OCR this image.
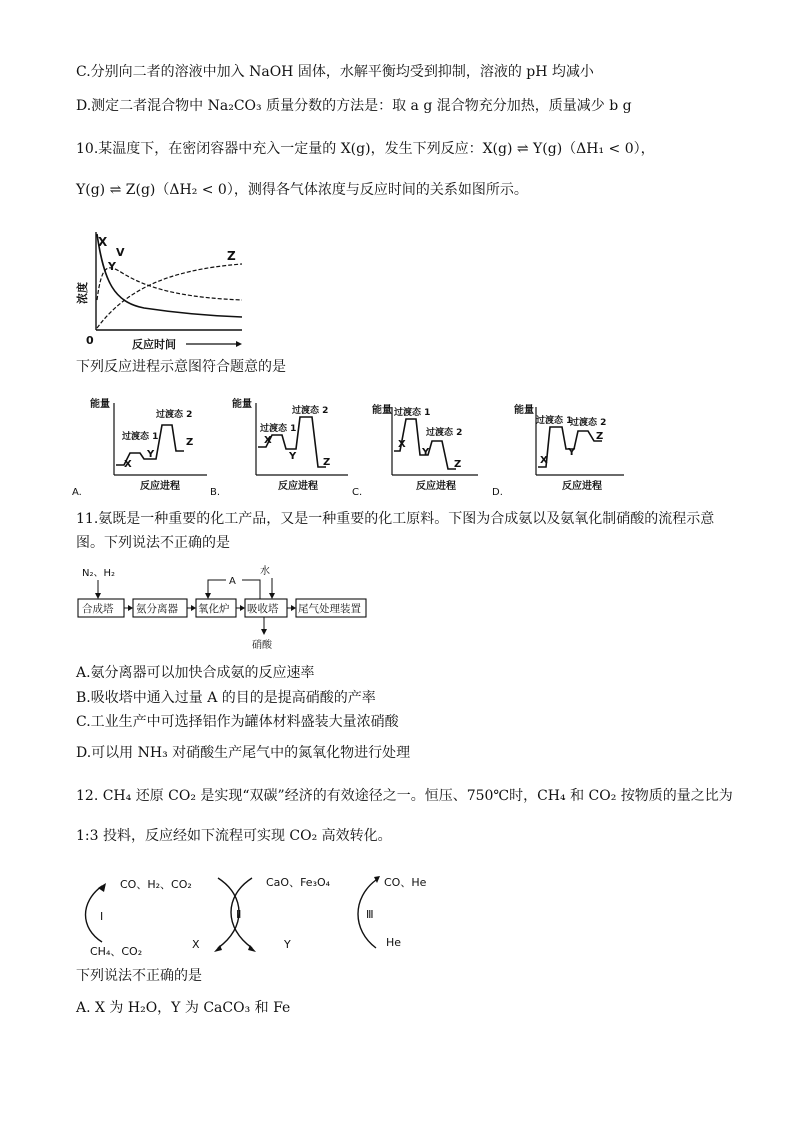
C.分别向二者的溶液中加入 NaOH 固体，水解平衡均受到抑制，溶液的 pH 均减小
D.测定二者混合物中 Na₂CO₃ 质量分数的方法是：取 a g 混合物充分加热，质量减少 b g
10.某温度下，在密闭容器中充入一定量的 X(g)，发生下列反应：X(g) ⇌ Y(g)（ΔH₁ < 0），
Y(g) ⇌ Z(g)（ΔH₂ < 0），测得各气体浓度与反应时间的关系如图所示。
X
Y
V	Z
0
浓度
反应时间
下列反应进程示意图符合题意的是
能量
过渡态 1
过渡态 2
X
Y
Z
反应进程
A.
能量
过渡态 1
过渡态 2
X
Y
Z
反应进程
B.
能量 过渡态 1
过渡态 2
X
Y
Z
反应进程
C.
能量
过渡态 1
过渡态 2
X
Y
Z
反应进程
D.
11.氨既是一种重要的化工产品，又是一种重要的化工原料。下图为合成氨以及氨氧化制硝酸的流程示意
图。下列说法不正确的是
N₂、H₂
合成塔 氨分离器 氧化炉 吸收塔 尾气处理装置
A
水
硝酸
A.氨分离器可以加快合成氨的反应速率
B.吸收塔中通入过量 A 的目的是提高硝酸的产率
C.工业生产中可选择铝作为罐体材料盛装大量浓硝酸
D.可以用 NH₃ 对硝酸生产尾气中的氮氧化物进行处理
12. CH₄ 还原 CO₂ 是实现“双碳”经济的有效途径之一。恒压、750℃时，CH₄ 和 CO₂ 按物质的量之比为
1:3 投料，反应经如下流程可实现 CO₂ 高效转化。
Ⅰ
CO、H₂、CO₂
CH₄、CO₂
Ⅱ
X
CaO、Fe₃O₄
Y
Ⅲ
CO、He
He
下列说法不正确的是
A. X 为 H₂O，Y 为 CaCO₃ 和 Fe
